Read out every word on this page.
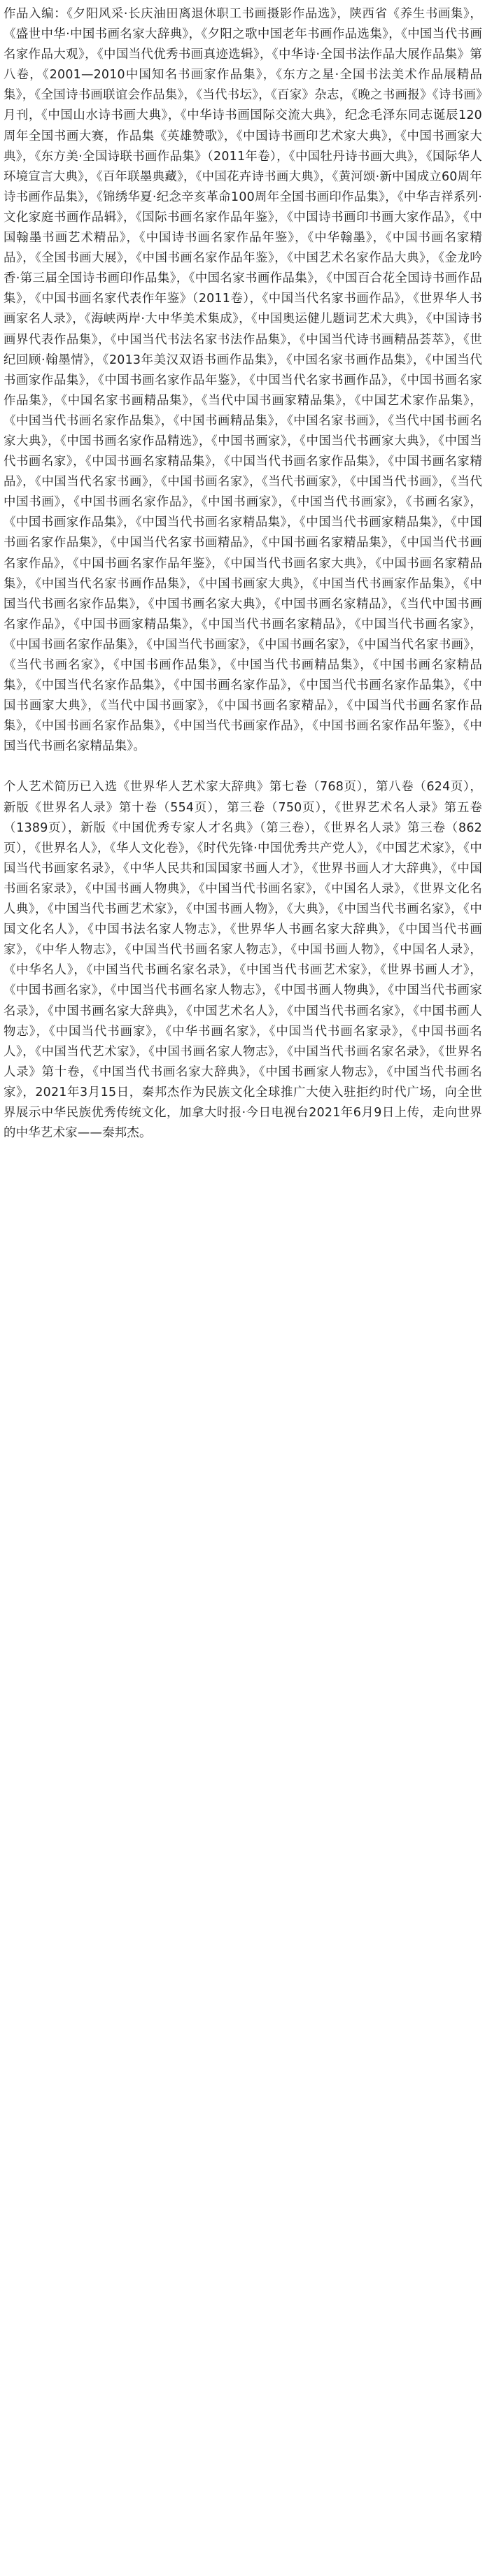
作品入编：《夕阳风采·长庆油田离退休职工书画摄影作品选》，陕西省《养生书画集》，《盛世中华·中国书画名家大辞典》，《夕阳之歌中国老年书画作品选集》，《中国当代书画名家作品大观》，《中国当代优秀书画真迹选辑》，《中华诗·全国书法作品大展作品集》第八卷，《2001—2010中国知名书画家作品集》，《东方之星·全国书法美术作品展精品集》，《全国诗书画联谊会作品集》，《当代书坛》，《百家》杂志，《晚之书画报》《诗书画》月刊，《中国山水诗书画大典》，《中华诗书画国际交流大典》，纪念毛泽东同志诞辰120周年全国书画大赛，作品集《英雄赞歌》，《中国诗书画印艺术家大典》，《中国书画家大典》，《东方美·全国诗联书画作品集》（2011年卷），《中国牡丹诗书画大典》，《国际华人环境宣言大典》，《百年联墨典藏》，《中国花卉诗书画大典》，《黄河颂·新中国成立60周年诗书画作品集》，《锦绣华夏·纪念辛亥革命100周年全国书画印作品集》，《中华吉祥系列·文化家庭书画作品辑》，《国际书画名家作品年鉴》，《中国诗书画印书画大家作品》，《中国翰墨书画艺术精品》，《中国诗书画名家作品年鉴》，《中华翰墨》，《中国书画名家精品》，《全国书画大展》，《中国书画名家作品年鉴》，《中国艺术名家作品大典》，《金龙吟香·第三届全国诗书画印作品集》，《中国名家书画作品集》，《中国百合花全国诗书画作品集》，《中国书画名家代表作年鉴》（2011卷），《中国当代名家书画作品》，《世界华人书画家名人录》，《海峡两岸·大中华美术集成》，《中国奥运健儿题词艺术大典》，《中国诗书画界代表作品集》，《中国当代书法名家书法作品集》，《中国当代诗书画精品荟萃》，《世纪回顾·翰墨情》，《2013年美汉双语书画作品集》，《中国名家书画作品集》，《中国当代书画家作品集》，《中国书画名家作品年鉴》，《中国当代名家书画作品》，《中国书画名家作品集》，《中国名家书画精品集》，《当代中国书画家精品集》，《中国艺术家作品集》，《中国当代书画名家作品集》，《中国书画精品集》，《中国名家书画》，《当代中国书画名家大典》，《中国书画名家作品精选》，《中国书画家》，《中国当代书画家大典》，《中国当代书画名家》，《中国书画名家精品集》，《中国当代书画名家作品集》，《中国书画名家精品》，《中国当代名家书画》，《中国书画名家》，《当代书画家》，《中国当代书画》，《当代中国书画》，《中国书画名家作品》，《中国书画家》，《中国当代书画家》，《书画名家》，《中国书画家作品集》，《中国当代书画名家精品集》，《中国当代书画家精品集》，《中国书画名家作品集》，《中国当代名家书画精品》，《中国书画名家精品集》，《中国当代书画名家作品》，《中国书画名家作品年鉴》，《中国当代书画名家大典》，《中国书画名家精品集》，《中国当代名家书画作品集》，《中国书画家大典》，《中国当代书画家作品集》，《中国当代书画名家作品集》，《中国书画名家大典》，《中国书画名家精品》，《当代中国书画名家作品》，《中国书画家精品集》，《中国当代书画名家精品》，《中国当代书画名家》，《中国书画名家作品集》，《中国当代书画家》，《中国书画名家》，《中国当代名家书画》，《当代书画名家》，《中国书画作品集》，《中国当代书画精品集》，《中国书画名家精品集》，《中国当代名家作品集》，《中国书画名家作品》，《中国当代书画名家作品集》，《中国书画家大典》，《当代中国书画家》，《中国书画名家精品》，《中国当代书画名家作品集》，《中国书画名家作品集》，《中国当代书画家作品》，《中国书画名家作品年鉴》，《中国当代书画名家精品集》。

个人艺术简历已入选《世界华人艺术家大辞典》第七卷（768页），第八卷（624页），新版《世界名人录》第十卷（554页），第三卷（750页），《世界艺术名人录》第五卷（1389页），新版《中国优秀专家人才名典》（第三卷），《世界名人录》第三卷（862页），《世界名人》，《华人文化卷》，《时代先锋·中国优秀共产党人》，《中国艺术家》，《中国当代书画家名录》，《中华人民共和国国家书画人才》，《世界书画人才大辞典》，《中国书画名家录》，《中国书画人物典》，《中国当代书画名家》，《中国名人录》，《世界文化名人典》，《中国当代书画艺术家》，《中国书画人物》，《大典》，《中国当代书画名家》，《中国文化名人》，《中国书法名家人物志》，《世界华人书画名家大辞典》，《中国当代书画家》，《中华人物志》，《中国当代书画名家人物志》，《中国书画人物》，《中国名人录》，《中华名人》，《中国当代书画名家名录》，《中国当代书画艺术家》，《世界书画人才》，《中国书画名家》，《中国当代书画名家人物志》，《中国书画人物典》，《中国当代书画家名录》，《中国书画名家大辞典》，《中国艺术名人》，《中国当代书画名家》，《中国书画人物志》，《中国当代书画家》，《中华书画名家》，《中国当代书画名家录》，《中国书画名人》，《中国当代艺术家》，《中国书画名家人物志》，《中国当代书画名家名录》，《世界名人录》第十卷，《中国当代书画名家大辞典》，《中国书画家人物志》，《中国当代书画名家》，2021年3月15日，秦邦杰作为民族文化全球推广大使入驻拒约时代广场，向全世界展示中华民族优秀传统文化，加拿大时报·今日电视台2021年6月9日上传，走向世界的中华艺术家——秦邦杰。
